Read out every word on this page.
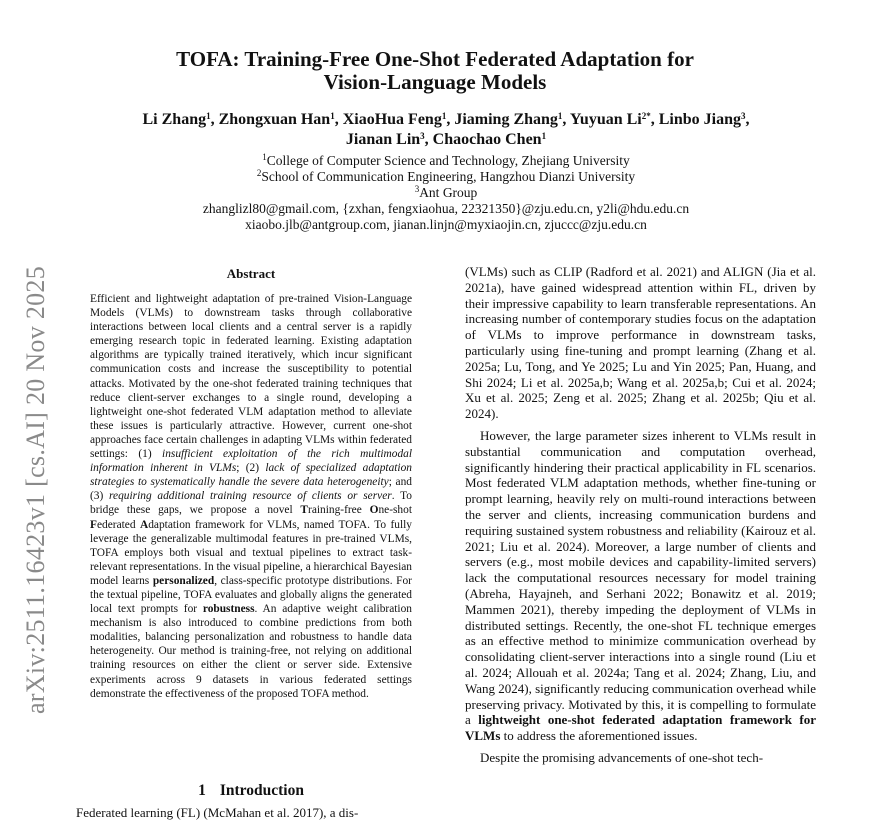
TOFA: Training-Free One-Shot Federated Adaptation for
Vision-Language Models
Li Zhang$^1$, Zhongxuan Han$^1$, XiaoHua Feng$^1$, Jiaming Zhang$^1$, Yuyuan $Li^{2*}$, Linbo Jiang$^3$,
Jianan Lin$^3$, Chaochao Chen$^1$
$^1$College of Computer Science and Technology, Zhejiang University
$^2$School of Communication Engineering, Hangzhou Dianzi University
$^3$Ant Group
zhanglizl80@gmail.com, {zxhan, fengxiaohua, 22321350}@zju.edu.cn, y2li@hdu.edu.cn
xiaobo.jlb@antgroup.com, jianan.linjn@myxiaojin.cn, zjuccc@zju.edu.cn
arXiv:2511.16423v1 [cs.AI] 20 Nov 2025	Abstract

Efficient and lightweight adaptation of pre-trained Vision-Language Models (VLMs) to downstream tasks through collaborative interactions between local clients and a central server is a rapidly emerging research topic in federated learning. Existing adaptation algorithms are typically trained iteratively, which incur significant communication costs and increase the susceptibility to potential attacks. Motivated by the one-shot federated training techniques that reduce client-server exchanges to a single round, developing a lightweight one-shot federated VLM adaptation method to alleviate these issues is particularly attractive. However, current one-shot approaches face certain challenges in adapting VLMs within federated settings: (1) insufficient exploitation of the rich multimodal information inherent in VLMs; (2) lack of specialized adaptation strategies to systematically handle the severe data heterogeneity; and (3) requiring additional training resource of clients or server. To bridge these gaps, we propose a novel Training-free One-shot Federated Adaptation framework for VLMs, named TOFA. To fully leverage the generalizable multimodal features in pre-trained VLMs, TOFA employs both visual and textual pipelines to extract task-relevant representations. In the visual pipeline, a hierarchical Bayesian model learns personalized, class-specific prototype distributions. For the textual pipeline, TOFA evaluates and globally aligns the generated local text prompts for robustness. An adaptive weight calibration mechanism is also introduced to combine predictions from both modalities, balancing personalization and robustness to handle data heterogeneity. Our method is training-free, not relying on additional training resources on either the client or server side. Extensive experiments across 9 datasets in various federated settings demonstrate the effectiveness of the proposed TOFA method.

1 Introduction
Federated learning (FL) (McMahan et al. 2017), a dis-

(VLMs) such as CLIP (Radford et al. 2021) and ALIGN (Jia et al. 2021a), have gained widespread attention within FL, driven by their impressive capability to learn transferable representations. An increasing number of contemporary studies focus on the adaptation of VLMs to improve performance in downstream tasks, particularly using fine-tuning and prompt learning (Zhang et al. 2025a; Lu, Tong, and Ye 2025; Lu and Yin 2025; Pan, Huang, and Shi 2024; Li et al. 2025a,b; Wang et al. 2025a,b; Cui et al. 2024; Xu et al. 2025; Zeng et al. 2025; Zhang et al. 2025b; Qiu et al. 2024).

However, the large parameter sizes inherent to VLMs result in substantial communication and computation overhead, significantly hindering their practical applicability in FL scenarios. Most federated VLM adaptation methods, whether fine-tuning or prompt learning, heavily rely on multi-round interactions between the server and clients, increasing communication burdens and requiring sustained system robustness and reliability (Kairouz et al. 2021; Liu et al. 2024). Moreover, a large number of clients and servers (e.g., most mobile devices and capability-limited servers) lack the computational resources necessary for model training (Abreha, Hayajneh, and Serhani 2022; Bonawitz et al. 2019; Mammen 2021), thereby impeding the deployment of VLMs in distributed settings. Recently, the one-shot FL technique emerges as an effective method to minimize communication overhead by consolidating client-server interactions into a single round (Liu et al. 2024; Allouah et al. 2024a; Tang et al. 2024; Zhang, Liu, and Wang 2024), significantly reducing communication overhead while preserving privacy. Motivated by this, it is compelling to formulate a lightweight one-shot federated adaptation framework for VLMs to address the aforementioned issues.

Despite the promising advancements of one-shot tech-
